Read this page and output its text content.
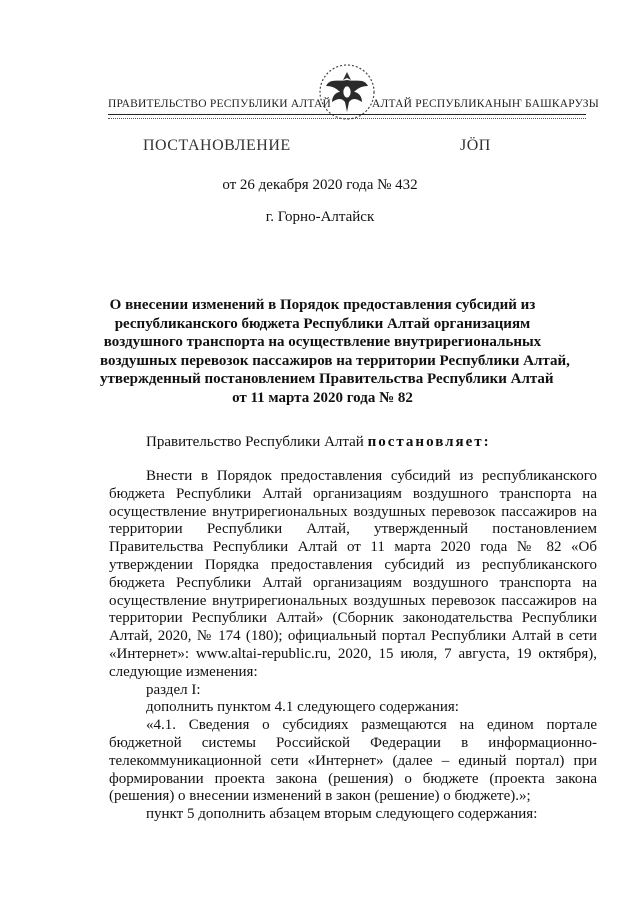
ПРАВИТЕЛЬСТВО РЕСПУБЛИКИ АЛТАЙ	АЛТАЙ РЕСПУБЛИКАНЫҤ БАШКАРУЗЫ
ПОСТАНОВЛЕНИЕ	ЈӦП
от 26 декабря 2020 года № 432
г. Горно-Алтайск
О внесении изменений в Порядок предоставления субсидий из
республиканского бюджета Республики Алтай организациям
воздушного транспорта на осуществление внутрирегиональных
воздушных перевозок пассажиров на территории Республики Алтай,
утвержденный постановлением Правительства Республики Алтай
от 11 марта 2020 года № 82
Правительство Республики Алтай постановляет:

Внести в Порядок предоставления субсидий из республиканского бюджета Республики Алтай организациям воздушного транспорта на осуществление внутрирегиональных воздушных перевозок пассажиров на территории Республики Алтай, утвержденный постановлением Правительства Республики Алтай от 11 марта 2020 года № 82 «Об утверждении Порядка предоставления субсидий из республиканского бюджета Республики Алтай организациям воздушного транспорта на осуществление внутрирегиональных воздушных перевозок пассажиров на территории Республики Алтай» (Сборник законодательства Республики Алтай, 2020, № 174 (180); официальный портал Республики Алтай в сети «Интернет»: www.altai-republic.ru, 2020, 15 июля, 7 августа, 19 октября), следующие изменения:

раздел I:

дополнить пунктом 4.1 следующего содержания:

«4.1. Сведения о субсидиях размещаются на едином портале бюджетной системы Российской Федерации в информационно-телекоммуникационной сети «Интернет» (далее – единый портал) при формировании проекта закона (решения) о бюджете (проекта закона (решения) о внесении изменений в закон (решение) о бюджете).»;

пункт 5 дополнить абзацем вторым следующего содержания:
